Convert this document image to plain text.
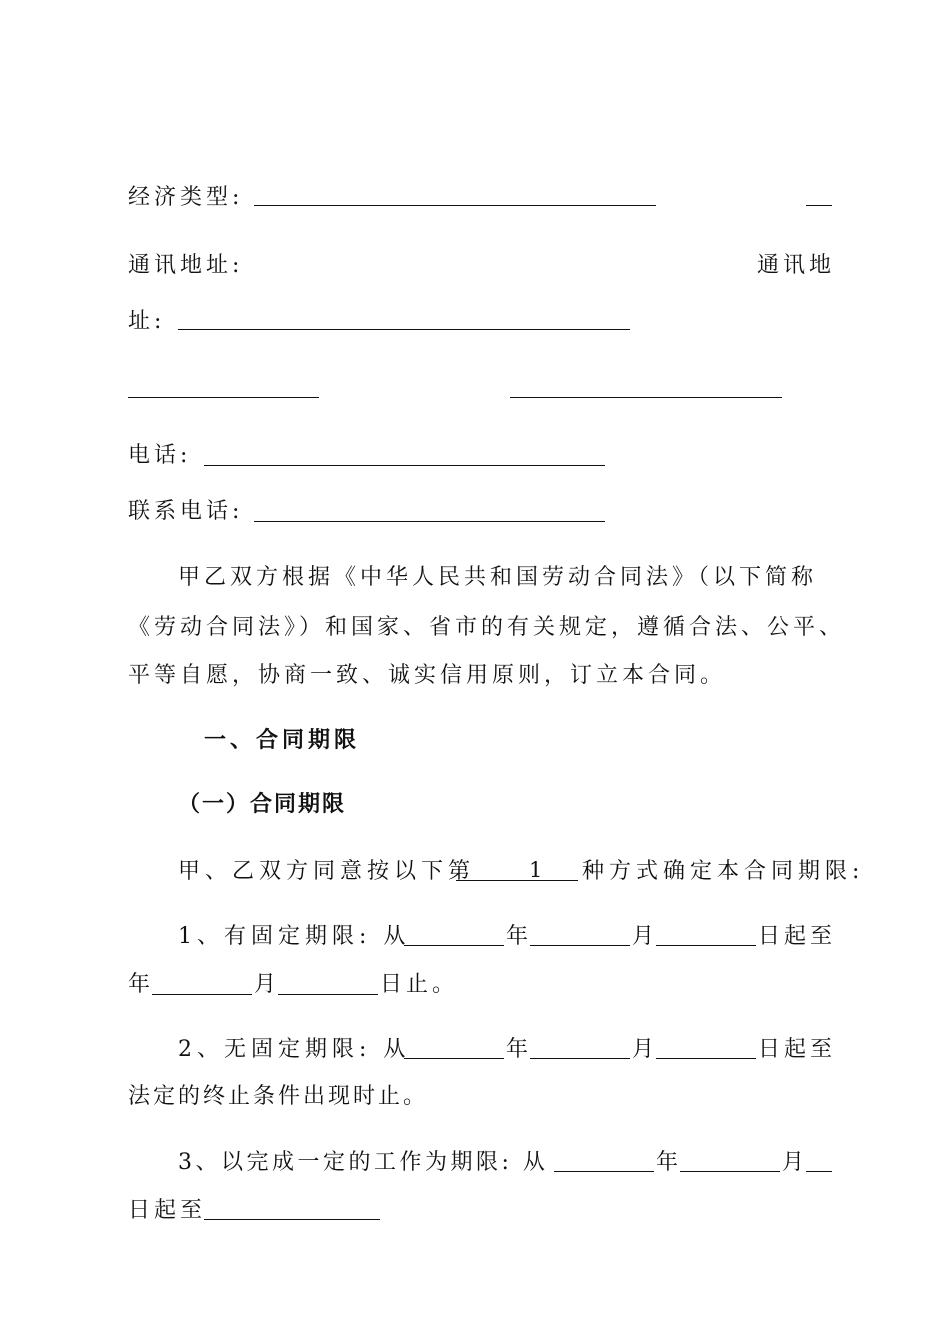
经济类型:
通讯地址:	通讯地
址:
电话:
联系电话:
甲乙双方根据《中华人民共和国劳动合同法》（以下简称
《劳动合同法》）和国家、省市的有关规定，遵循合法、公平、
平等自愿，协商一致、诚实信用原则，订立本合同。
一、合同期限
（一）合同期限
甲、乙双方同意按以下第	1	种方式确定本合同期限:
1、有固定期限: 从	年	月	日起至
年	月	日止。
2、无固定期限: 从	年	月	日起至
法定的终止条件出现时止。
3、以完成一定的工作为期限: 从	年	月
日起至
